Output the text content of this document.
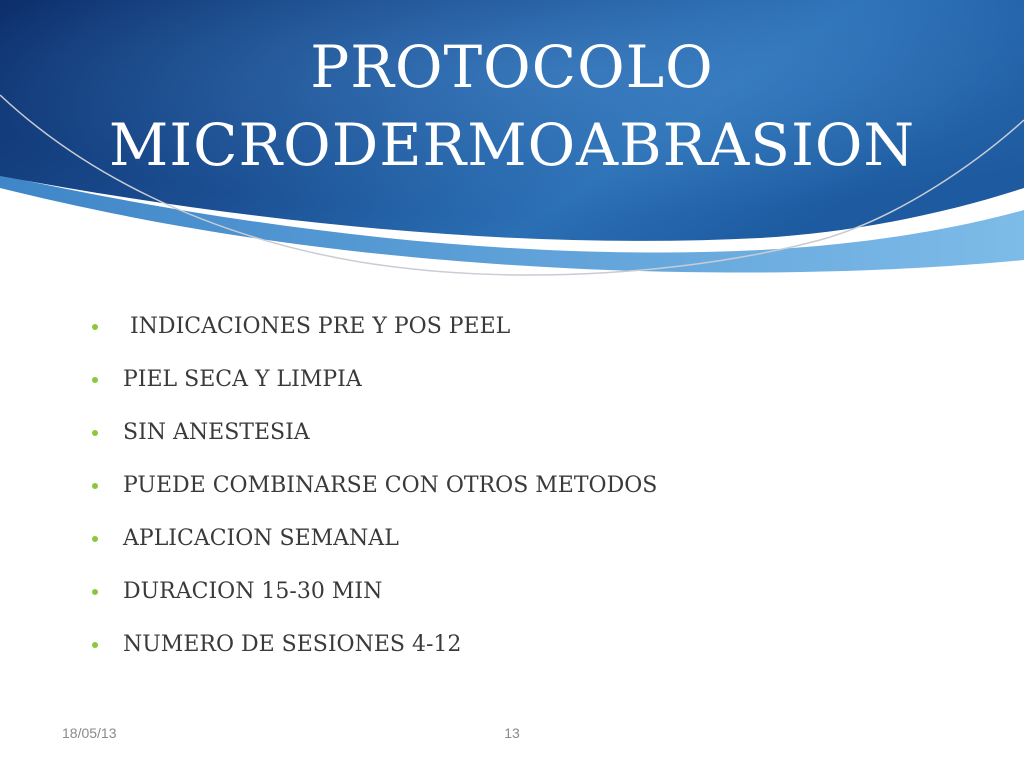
PROTOCOLO
MICRODERMOABRASION
INDICACIONES PRE Y POS PEEL
PIEL SECA Y LIMPIA
SIN ANESTESIA
PUEDE COMBINARSE CON OTROS METODOS
APLICACION SEMANAL
DURACION 15-30 MIN
NUMERO DE SESIONES 4-12
18/05/13	13
